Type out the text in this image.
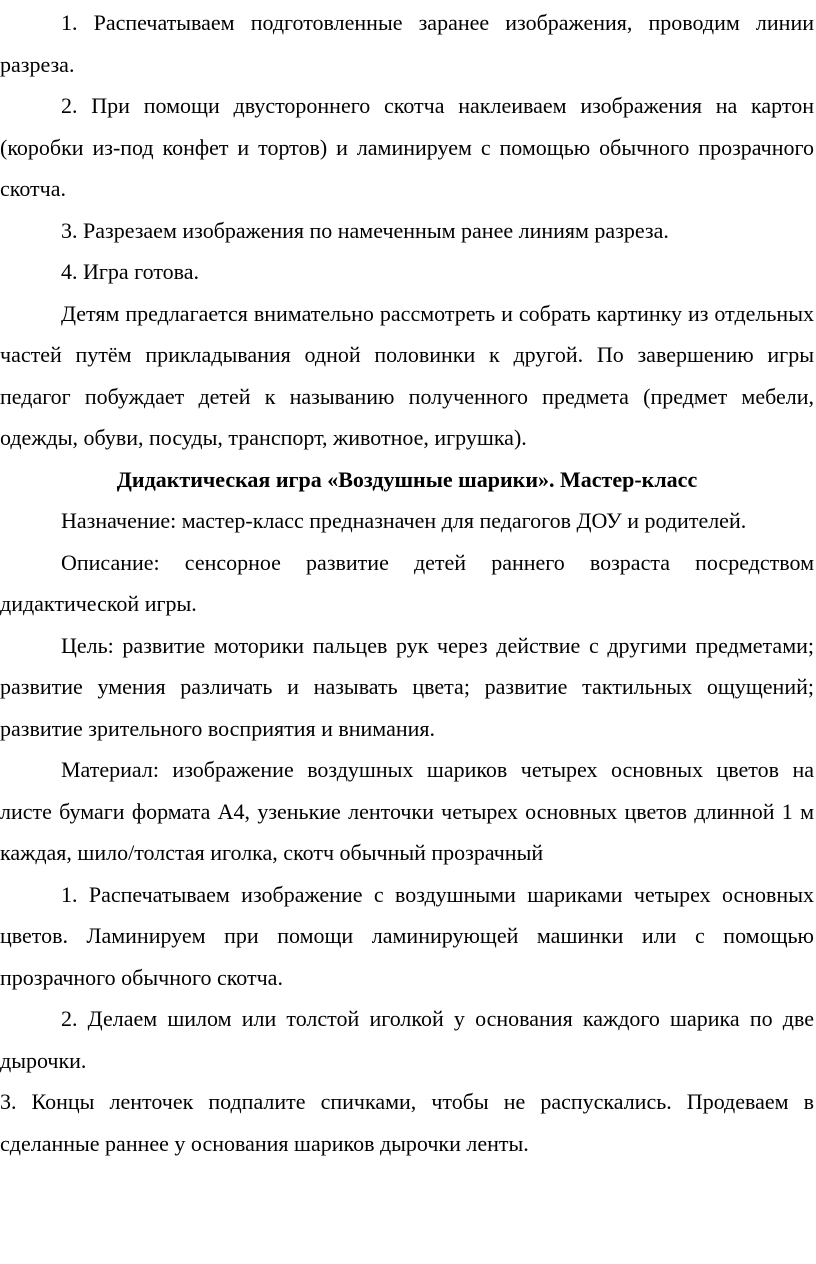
1. Распечатываем подготовленные заранее изображения, проводим линии разреза.

2. При помощи двустороннего скотча наклеиваем изображения на картон (коробки из-под конфет и тортов) и ламинируем с помощью обычного прозрачного скотча.

3. Разрезаем изображения по намеченным ранее линиям разреза.

4. Игра готова.

Детям предлагается внимательно рассмотреть и собрать картинку из отдельных частей путём прикладывания одной половинки к другой. По завершению игры педагог побуждает детей к называнию полученного предмета (предмет мебели, одежды, обуви, посуды, транспорт, животное, игрушка).

Дидактическая игра «Воздушные шарики». Мастер-класс

Назначение: мастер-класс предназначен для педагогов ДОУ и родителей.

Описание: сенсорное развитие детей раннего возраста посредством дидактической игры.

Цель: развитие моторики пальцев рук через действие с другими предметами; развитие умения различать и называть цвета; развитие тактильных ощущений; развитие зрительного восприятия и внимания.

Материал: изображение воздушных шариков четырех основных цветов на листе бумаги формата А4, узенькие ленточки четырех основных цветов длинной 1 м каждая, шило/толстая иголка, скотч обычный прозрачный

1. Распечатываем изображение с воздушными шариками четырех основных цветов. Ламинируем при помощи ламинирующей машинки или с помощью прозрачного обычного скотча.

2. Делаем шилом или толстой иголкой у основания каждого шарика по две дырочки.

3. Концы ленточек подпалите спичками, чтобы не распускались. Продеваем в сделанные раннее у основания шариков дырочки ленты.
